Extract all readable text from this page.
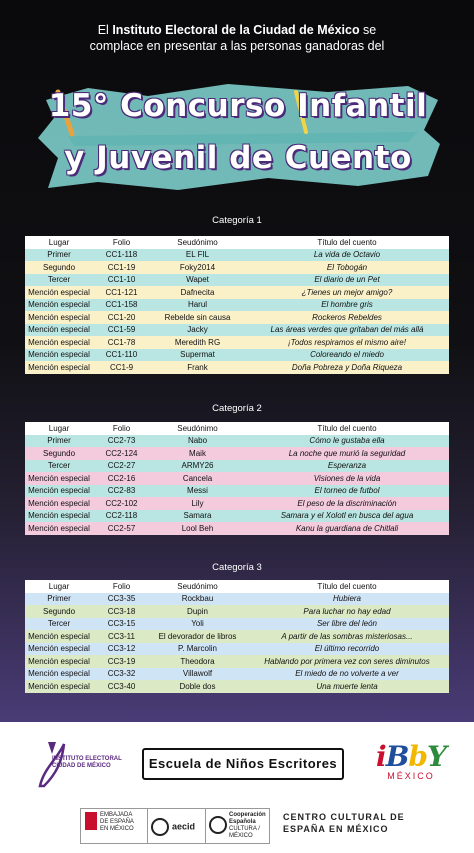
El Instituto Electoral de la Ciudad de México se
complace en presentar a las personas ganadoras del
15° Concurso Infantil
y Juvenil de Cuento
Categoría 1
Lugar	Folio	Seudónimo	Título del cuento
Primer	CC1-118	EL FIL	La vida de Octavio
Segundo	CC1-19	Foky2014	El Tobogán
Tercer	CC1-10	Wapet	El diario de un Pet
Mención especial	CC1-121	Dafnecita	¿Tienes un mejor amigo?
Mención especial	CC1-158	Harul	El hombre gris
Mención especial	CC1-20	Rebelde sin causa	Rockeros Rebeldes
Mención especial	CC1-59	Jacky	Las áreas verdes que gritaban del más allá
Mención especial	CC1-78	Meredith RG	¡Todos respiramos el mismo aire!
Mención especial	CC1-110	Supermat	Coloreando el miedo
Mención especial	CC1-9	Frank	Doña Pobreza y Doña Riqueza
Categoría 2
Lugar	Folio	Seudónimo	Título del cuento
Primer	CC2-73	Nabo	Cómo le gustaba ella
Segundo	CC2-124	Maik	La noche que murió la seguridad
Tercer	CC2-27	ARMY26	Esperanza
Mención especial	CC2-16	Cancela	Visiones de la vida
Mención especial	CC2-83	Messi	El torneo de futbol
Mención especial	CC2-102	Lily	El peso de la discriminación
Mención especial	CC2-118	Samara	Samara y el Xolotl en busca del agua
Mención especial	CC2-57	Lool Beh	Kanu la guardiana de Chitlali
Categoría 3
Lugar	Folio	Seudónimo	Título del cuento
Primer	CC3-35	Rockbau	Hubiera
Segundo	CC3-18	Dupin	Para luchar no hay edad
Tercer	CC3-15	Yoli	Ser libre del león
Mención especial	CC3-11	El devorador de libros	A partir de las sombras misteriosas...
Mención especial	CC3-12	P. Marcolin	El último recorrido
Mención especial	CC3-19	Theodora	Hablando por primera vez con seres diminutos
Mención especial	CC3-32	Villawolf	El miedo de no volverte a ver
Mención especial	CC3-40	Doble dos	Una muerte lenta
INSTITUTO ELECTORAL
CIUDAD DE MÉXICO	Escuela de Niños Escritores iBbY
MÉXICO
EMBAJADA DE ESPAÑA EN MÉXICO	aecid
Cooperación Española
CULTURA / MÉXICO
CENTRO CULTURAL DE
ESPAÑA EN MÉXICO
